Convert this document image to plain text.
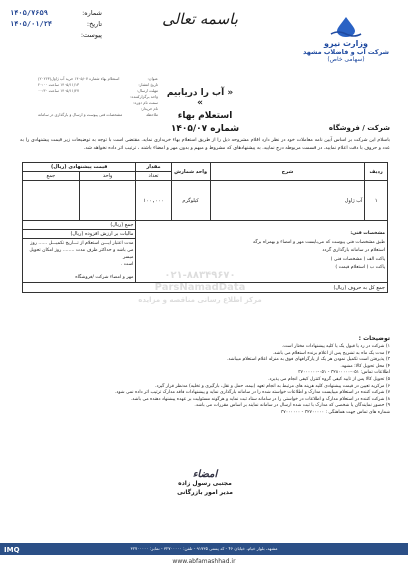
شماره:
۱۴۰۵/۷۶۵۹
تاریخ:
۱۴۰۵/۰۱/۲۴
پیوست:
باسمه تعالی
وزارت نیرو
شرکت آب و فاضلاب مشهد
(سهامی خاص)
عنوان:
استعلام بهاء شماره ۱۴۰۵/۰۷ خرید آب ژاول(۲۰۲۶۳)
تاریخ انتشار:
۱۴۰۵/۱۱/۱۳ ساعت ۲۰:۰۰
مهلت ارسال:
۱۴۰۵/۱۱/۲۷ ساعت ۰۰:۳۰
واحد برگزارکننده:
سمت نام دوره:
نام خریدار:
ملاحظه
مشخصات فنی پیوست و ارسال و بارگذاری در سامانه
« آب را دریابیم »
استعلام بهاء
شماره ۱۴۰۵/۰۷	شرکت / فروشگاه
باسلام این شرکت بر اساس آیین نامه معاملات خود در نظر دارد اقلام مشروحه ذیل را از طریق استعلام بهاء خریداری نماید. مقتضی است با توجه به توضیحات زیر قیمت پیشنهادی را به عدد و حروف با دقت اعلام نمایید. در قسمت مربوطه درج نمایید. به پیشنهادهای که مشروط و مبهم و بدون مهر و امضاء باشند ، ترتیب اثر داده نخواهد شد.
ردیف	شرح	واحد شمارش	مقدار	قیمت پیشنهادی (ریال)	
			تعداد	واحد	جمع
۱	آب ژاول	کیلوگرم	۱۰۰,۰۰۰		

مشخصات فنی:
طبق مشخصات فنی پیوست که می‌بایست مهر و امضاء و بهمراه برگه
استعلام در سامانه بارگذاری گردد
پاکت الف ( مشخصات فنی )
پاکت ب ( استعلام قیمت )				جمع (ریال)	
				مالیات بر ارزش افزوده (ریال)	

				مدت اعتبار ایـــن استعلام از تـــاریخ تکمیـــل ...... روز
می باشد و حداکثر ظرف مدت ........ روز امکان تحویل میسر
است .
مهر و امضاء شرکت /فروشگاه	

جمع کل به حروف (ریال)					
۰۲۱-۸۸۳۴۹۶۷۰
ParsNamadData
مرکز اطلاع رسانی مناقصه و مزایده
توضیحات :
۱) شرکت در رد یا قبول یک یا کلیه پیشنهادات مختار است.
۲) مدت یک ماه به تشریح پس از اعلام برنده استعلام می باشد.
۳) پذیرفتن است تکمیل نمودن هر یک از پارگرافهای فوق به منزله اعلام استعلام میباشد.
۴) محل تحویل کالا: مشهد.
اطلاعات تماس: ۰۵۱-۳۲۸۰۰۰۰۰ - ۰۵۱-۳۷۰۰۰۰۰۰
۵) تحویل کالا پس از تایید کیفی گروه کنترل کیفی انجام می پذیرد.
۶) مرکزیه تعیین در قیمت پیشنهادی کلیه هزینه های مرتبط به انجام تعهد (بیمه، حمل و نقل، بارگیری و تخلیه) مدنظر قرار گیرد.
۷) شرکت کننده در استعلام میبایست مدارک و اطلاعات خواسته شده را در سامانه بارگذاری نماید و پیشنهادات فاقد مدارک ترتیب اثر داده نمی شود.
۸) شرکت کننده در استعلام مدارک و اطلاعات در خواستی را در سامانه ستاد ثبت نماید و هرگونه مسئولیت بر عهده پیشنهاد دهنده می باشد.
۹) حضور نمایندگان یا شخصی که مدارک با ثبت شده ارسال در سامانه نمایند بر اساس مقررات می باشد.
شماره های تماس جهت هماهنگی : ۳۲۷۰۰۰۰۰ - ۳۷۰۰۰۰۰۰
امضاء
مجتبی رسول زاده
مدیر امور بازرگانی
IMQ	مشهد، بلوار خیام، خیابان ۴۶ - کد پستی ۹۱۷۳۵ - تلفن: ۳۲۷۰۰۰۰۰ - نمابر: ۳۲۷۰۰۰۰۰
www.abfamashhad.ir
